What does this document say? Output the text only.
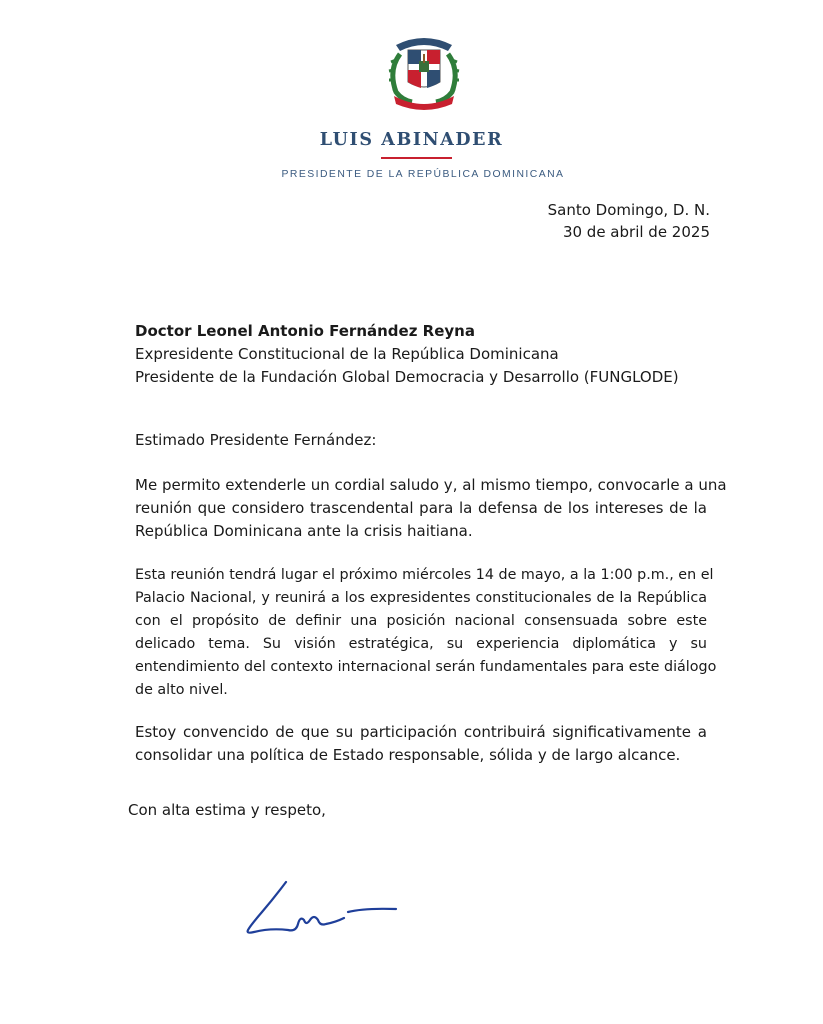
LUIS ABINADER
PRESIDENTE DE LA REPÚBLICA DOMINICANA
Santo Domingo, D. N.
30 de abril de 2025
Doctor Leonel Antonio Fernández Reyna
Expresidente Constitucional de la República Dominicana
Presidente de la Fundación Global Democracia y Desarrollo (FUNGLODE)
Estimado Presidente Fernández:
Me permito extenderle un cordial saludo y, al mismo tiempo, convocarle a una
reunión que considero trascendental para la defensa de los intereses de la
República Dominicana ante la crisis haitiana.
Esta reunión tendrá lugar el próximo miércoles 14 de mayo, a la 1:00 p.m., en el
Palacio Nacional, y reunirá a los expresidentes constitucionales de la República
con el propósito de definir una posición nacional consensuada sobre este
delicado tema. Su visión estratégica, su experiencia diplomática y su
entendimiento del contexto internacional serán fundamentales para este diálogo
de alto nivel.
Estoy convencido de que su participación contribuirá significativamente a
consolidar una política de Estado responsable, sólida y de largo alcance.
Con alta estima y respeto,
